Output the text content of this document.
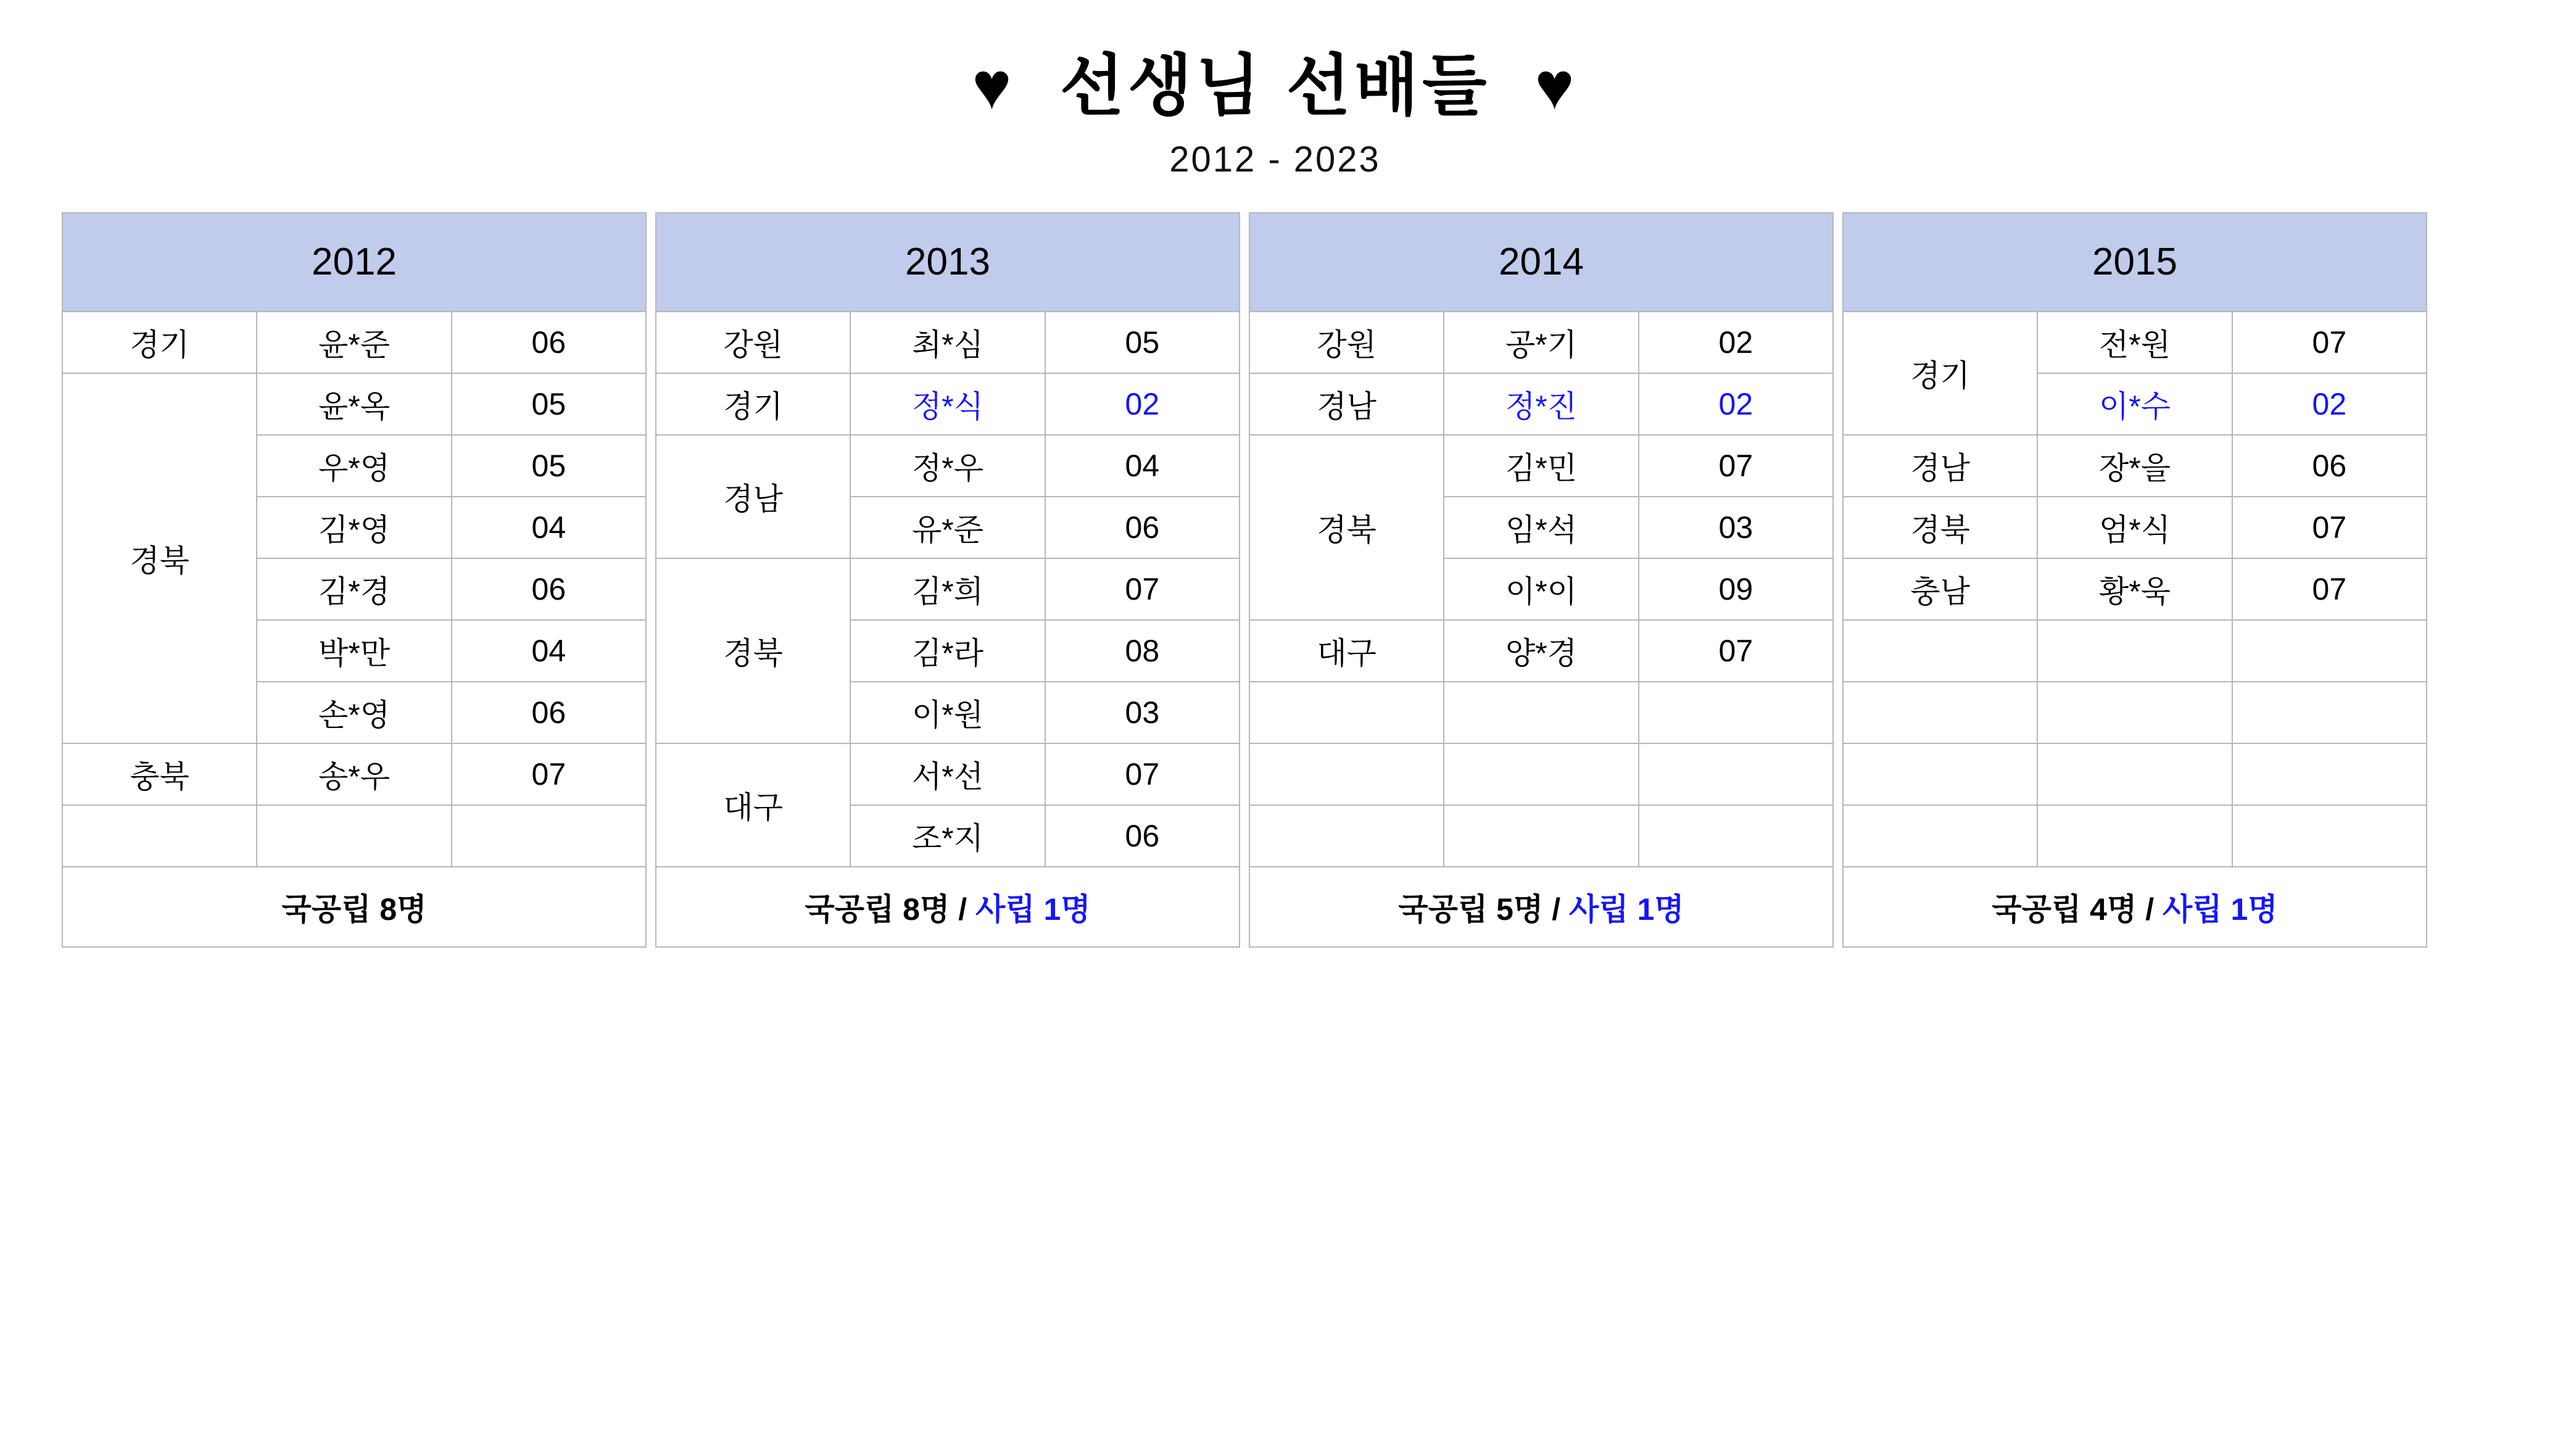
♥  선생님 선배들  ♥
2012 - 2023
2012		
경기	윤*준	06
경북	윤*옥	05
	우*영	05
	김*영	04
	김*경	06
	박*만	04
	손*영	06
충북	송*우	07

국공립 8명		
2013		
강원	최*심	05
경기	정*식	02
경남	정*우	04
	유*준	06
경북	김*희	07
	김*라	08
	이*원	03
대구	서*선	07
	조*지	06
국공립 8명 / 사립 1명		
2014		
강원	공*기	02
경남	정*진	02
경북	김*민	07
	임*석	03
	이*이	09
대구	양*경	07

국공립 5명 / 사립 1명		
2015		
경기	전*원	07
	이*수	02
경남	장*을	06
경북	엄*식	07
충남	황*욱	07

국공립 4명 / 사립 1명		
